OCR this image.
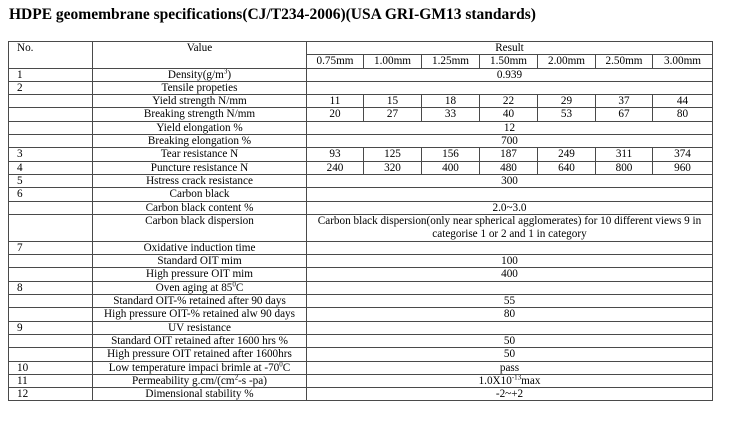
HDPE geomembrane specifications(CJ/T234-2006)(USA GRI-GM13 standards)
No.	Value	Result						
		0.75mm	1.00mm	1.25mm	1.50mm	2.00mm	2.50mm	3.00mm
1	$Density(g/m^3)$	0.939						
2	Tensile propeties							
	Yield strength N/mm	11	15	18	22	29	37	44
	Breaking strength N/mm	20	27	33	40	53	67	80
	Yield elongation %	12						
	Breaking elongation %	700						
3	Tear resistance N	93	125	156	187	249	311	374
4	Puncture resistance N	240	320	400	480	640	800	960
5	Hstress crack resistance	300						
6	Carbon black							
	Carbon black content %	2.0~3.0						
	Carbon black dispersion	Carbon black dispersion(only near spherical agglomerates) for 10 different views 9 in categorise 1 or 2 and 1 in category						
7	Oxidative induction time							
	Standard OIT mim	100						
	High pressure OIT mim	400						
8	Oven aging at $85^0C$							
	Standard OIT-% retained after 90 days	55						
	High pressure OIT-% retained alw 90 days	80						
9	UV resistance							
	Standard OIT retained after 1600 hrs %	50						
	High pressure OIT retained after 1600hrs	50						
10	Low temperature impaci brimle at $-70^0C$	pass						
11	Permeability $g.cm/(cm^2-s$ -pa)	$1.0X10^{-13}\max$						
12	Dimensional stability %	-2~+2						
